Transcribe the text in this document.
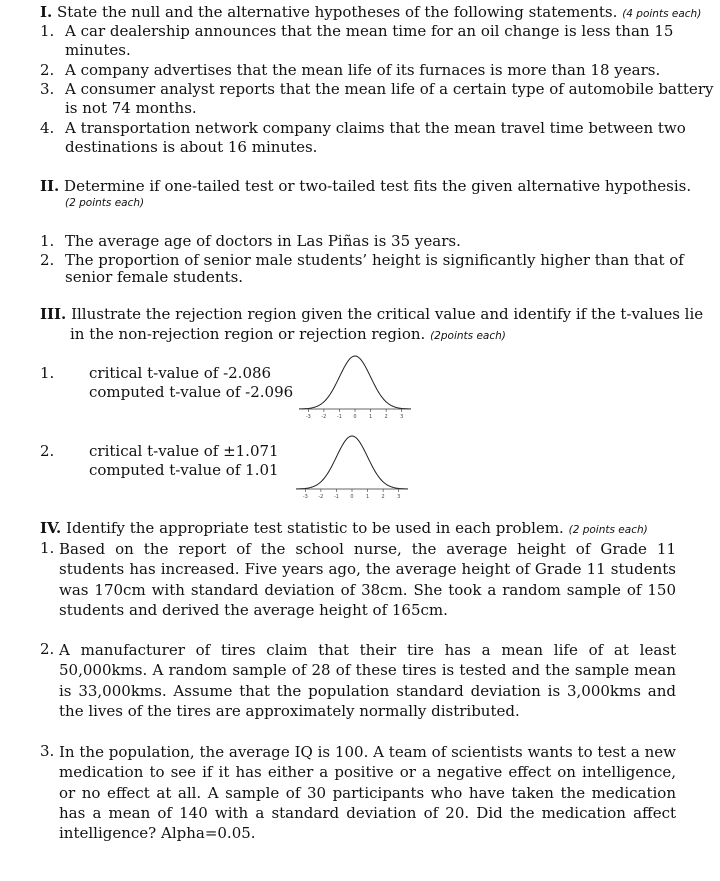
I. State the null and the alternative hypotheses of the following statements. (4 points each)
1. A car dealership announces that the mean time for an oil change is less than 15
minutes.
2. A company advertises that the mean life of its furnaces is more than 18 years.
3. A consumer analyst reports that the mean life of a certain type of automobile battery
is not 74 months.
4. A transportation network company claims that the mean travel time between two
destinations is about 16 minutes.
II. Determine if one-tailed test or two-tailed test fits the given alternative hypothesis.
(2 points each)
1. The average age of doctors in Las Piñas is 35 years.
2. The proportion of senior male students’ height is significantly higher than that of
senior female students.
III. Illustrate the rejection region given the critical value and identify if the t-values lie
in the non-rejection region or rejection region. (2points each)
1. critical t-value of -2.086
computed t-value of -2.096
-3 -2 -1 0 1 2 3
2. critical t-value of ±1.071
computed t-value of 1.01
-3 -2 -1 0 1 2 3
IV. Identify the appropriate test statistic to be used in each problem. (2 points each)
1. Based on the report of the school nurse, the average height of Grade 11 students has increased. Five years ago, the average height of Grade 11 students was 170cm with standard deviation of 38cm. She took a random sample of 150 students and derived the average height of 165cm.
2. A manufacturer of tires claim that their tire has a mean life of at least 50,000kms. A random sample of 28 of these tires is tested and the sample mean is 33,000kms. Assume that the population standard deviation is 3,000kms and the lives of the tires are approximately normally distributed.
3. In the population, the average IQ is 100. A team of scientists wants to test a new medication to see if it has either a positive or a negative effect on intelligence, or no effect at all. A sample of 30 participants who have taken the medication has a mean of 140 with a standard deviation of 20. Did the medication affect intelligence? Alpha=0.05.
